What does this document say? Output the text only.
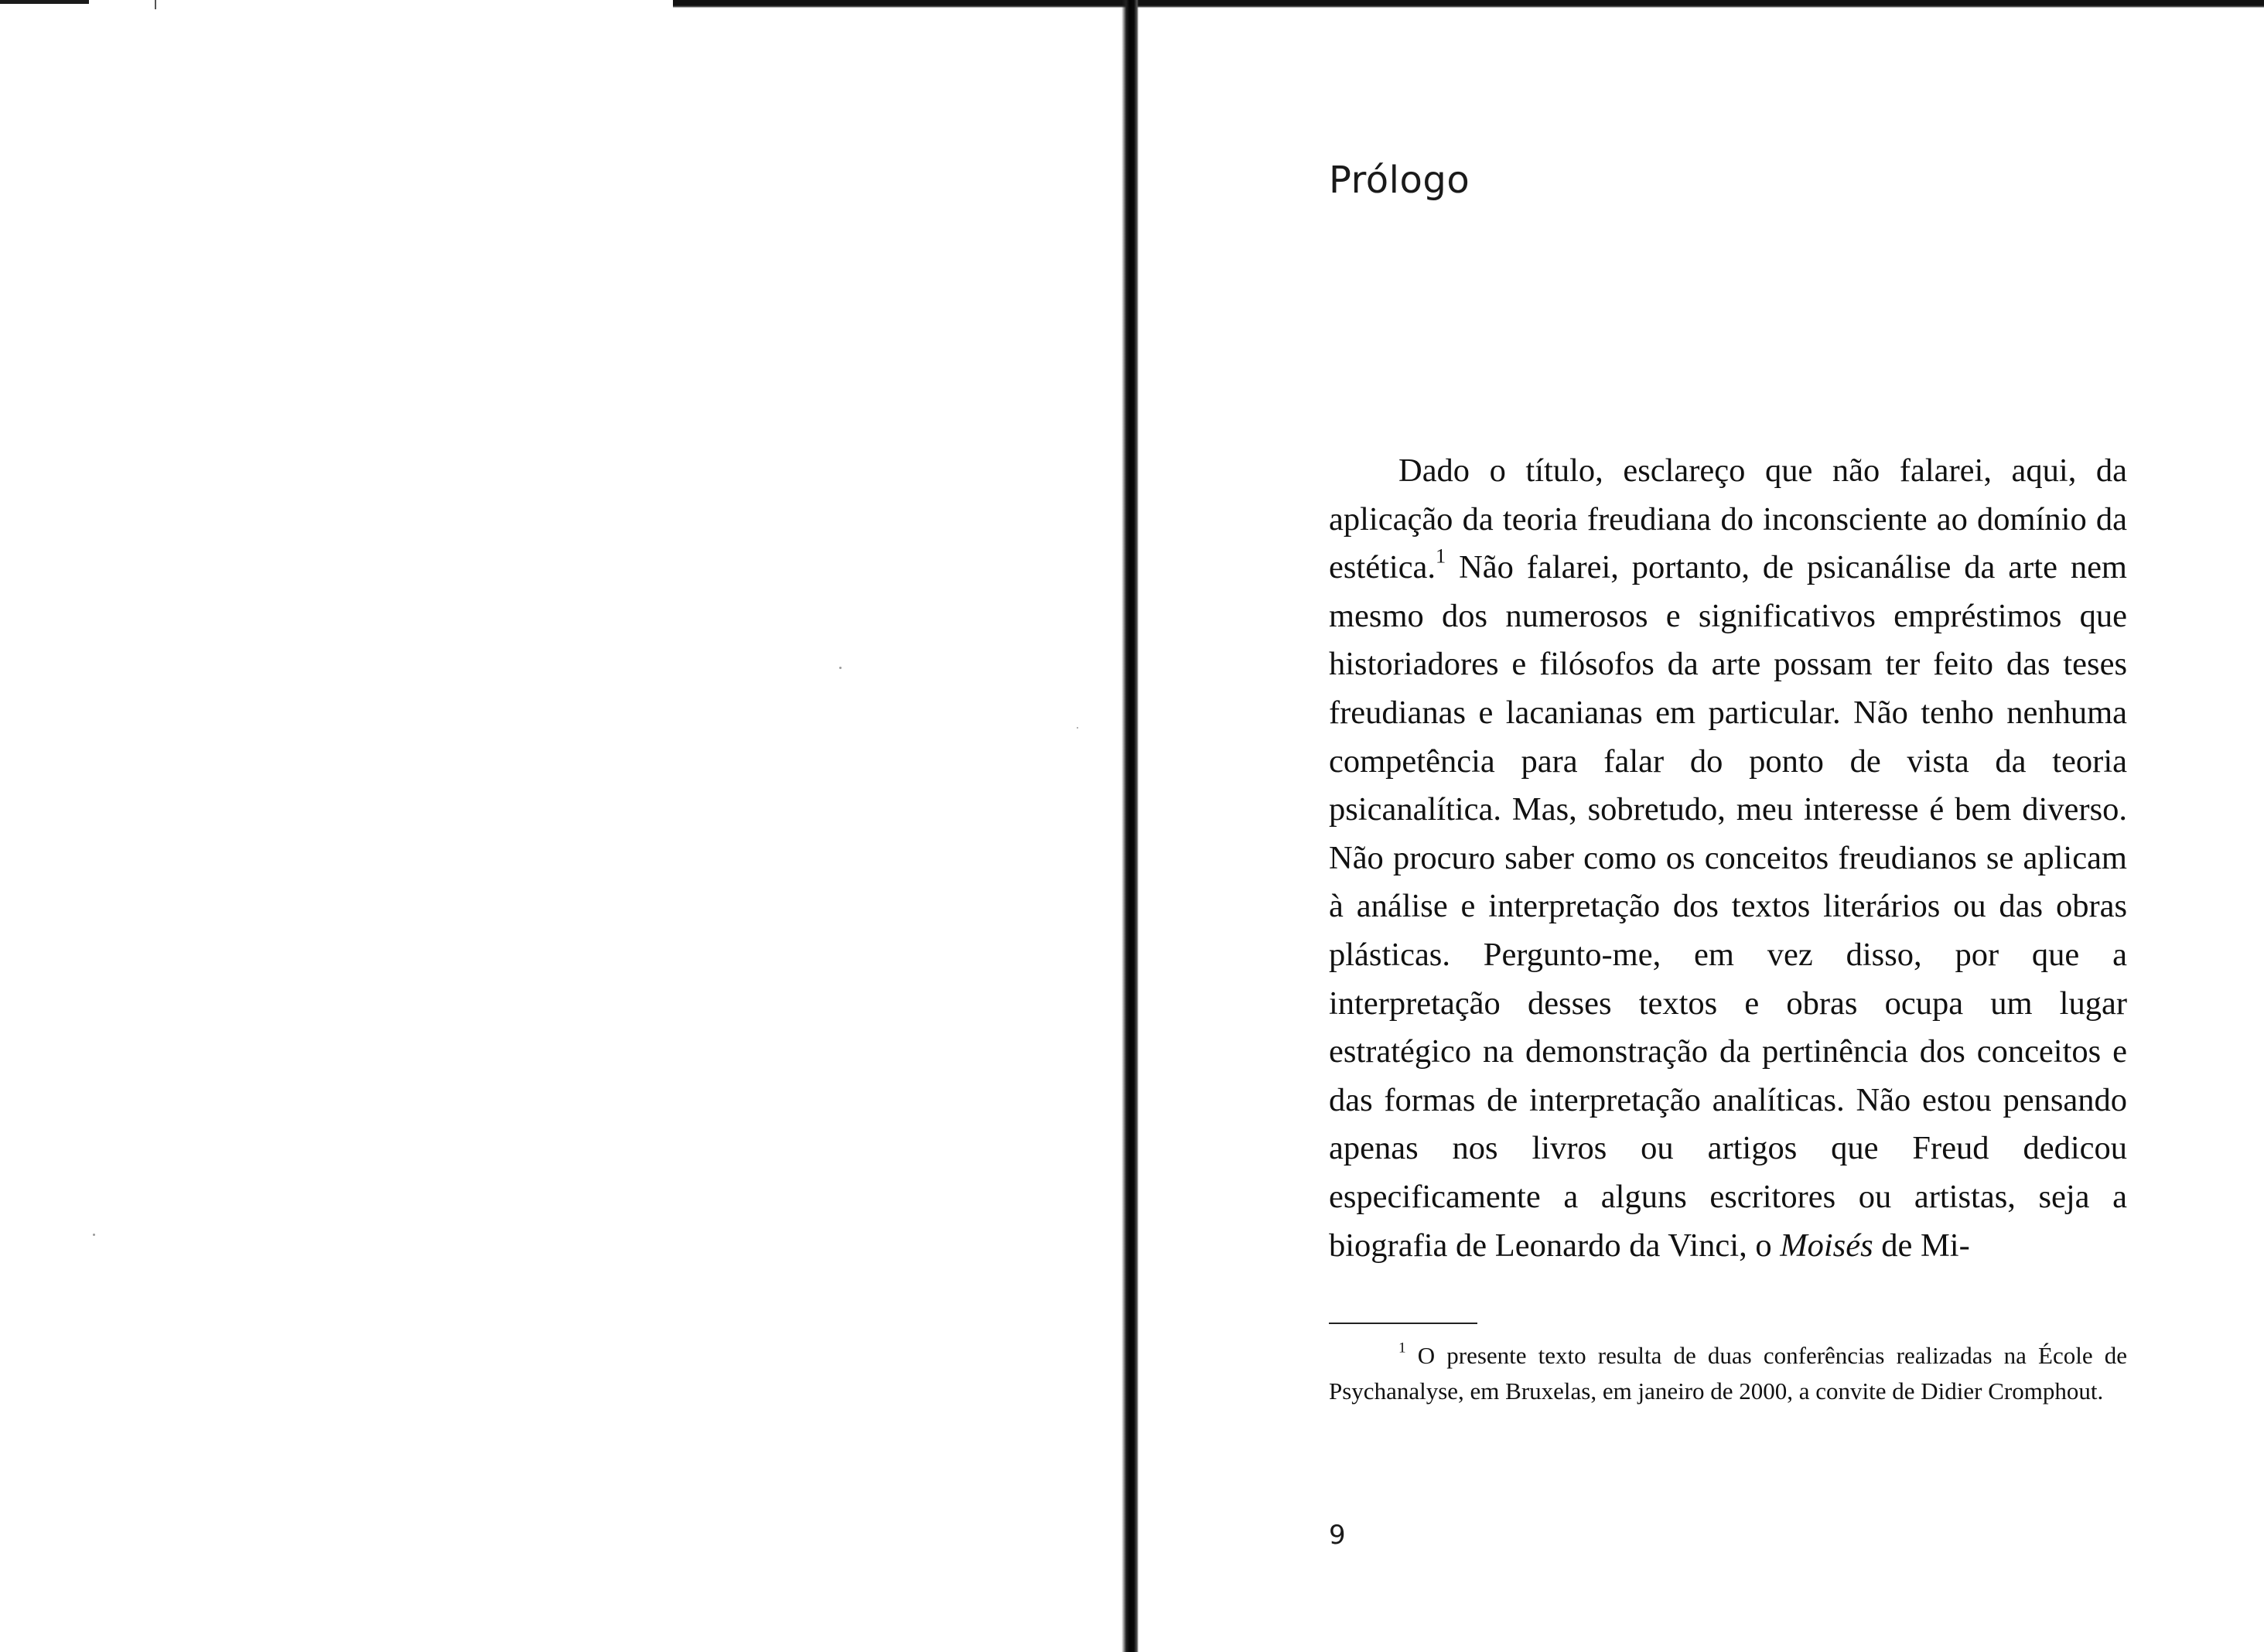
Prólogo

Dado o título, esclareço que não falarei, aqui, da aplicação da teoria freudiana do inconsciente ao domínio da estética.$^1$ Não falarei, portanto, de psicanálise da arte nem mesmo dos numerosos e significativos empréstimos que historiadores e filósofos da arte possam ter feito das teses freudianas e lacanianas em particular. Não tenho nenhuma competência para falar do ponto de vista da teoria psicanalítica. Mas, sobretudo, meu interesse é bem diverso. Não procuro saber como os conceitos freudianos se aplicam à análise e interpretação dos textos literários ou das obras plásticas. Pergunto-me, em vez disso, por que a interpretação desses textos e obras ocupa um lugar estratégico na demonstração da pertinência dos conceitos e das formas de interpretação analíticas. Não estou pensando apenas nos livros ou artigos que Freud dedicou especificamente a alguns escritores ou artistas, seja a biografia de Leonardo da Vinci, o Moisés de Mi-

$^1$ O presente texto resulta de duas conferências realizadas na École de Psychanalyse, em Bruxelas, em janeiro de 2000, a convite de Didier Cromphout.

9
